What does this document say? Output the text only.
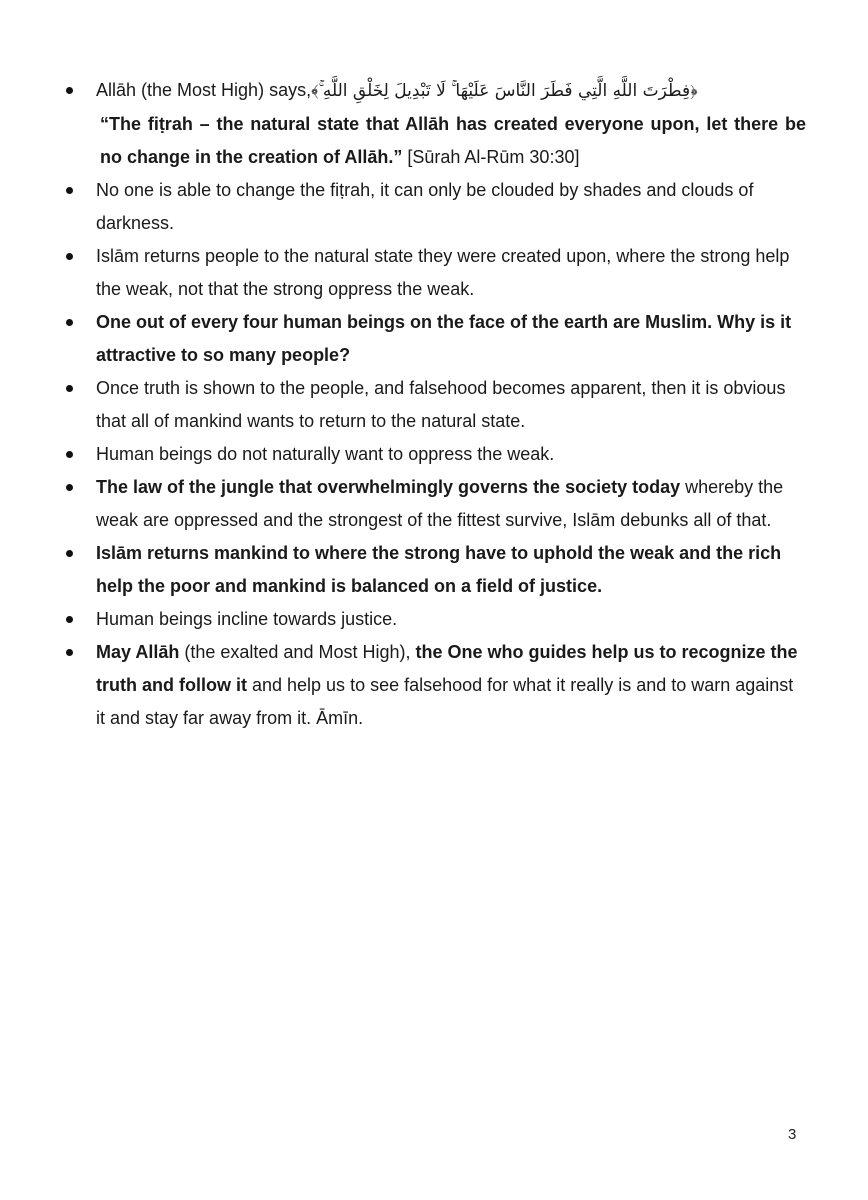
Allāh (the Most High) says,﴿فِطْرَتَ اللَّهِ الَّتِي فَطَرَ النَّاسَ عَلَيْهَا ۚ لَا تَبْدِيلَ لِخَلْقِ اللَّهِ ۚ﴾
“The fiṭrah – the natural state that Allāh has created everyone upon, let there be no change in the creation of Allāh.” [Sūrah Al-Rūm 30:30]
No one is able to change the fiṭrah, it can only be clouded by shades and clouds of darkness.
Islām returns people to the natural state they were created upon, where the strong help the weak, not that the strong oppress the weak.
One out of every four human beings on the face of the earth are Muslim. Why is it attractive to so many people?
Once truth is shown to the people, and falsehood becomes apparent, then it is obvious that all of mankind wants to return to the natural state.
Human beings do not naturally want to oppress the weak.
The law of the jungle that overwhelmingly governs the society today whereby the weak are oppressed and the strongest of the fittest survive, Islām debunks all of that.
Islām returns mankind to where the strong have to uphold the weak and the rich help the poor and mankind is balanced on a field of justice.
Human beings incline towards justice.
May Allāh (the exalted and Most High), the One who guides help us to recognize the truth and follow it and help us to see falsehood for what it really is and to warn against it and stay far away from it. Āmīn.
3
